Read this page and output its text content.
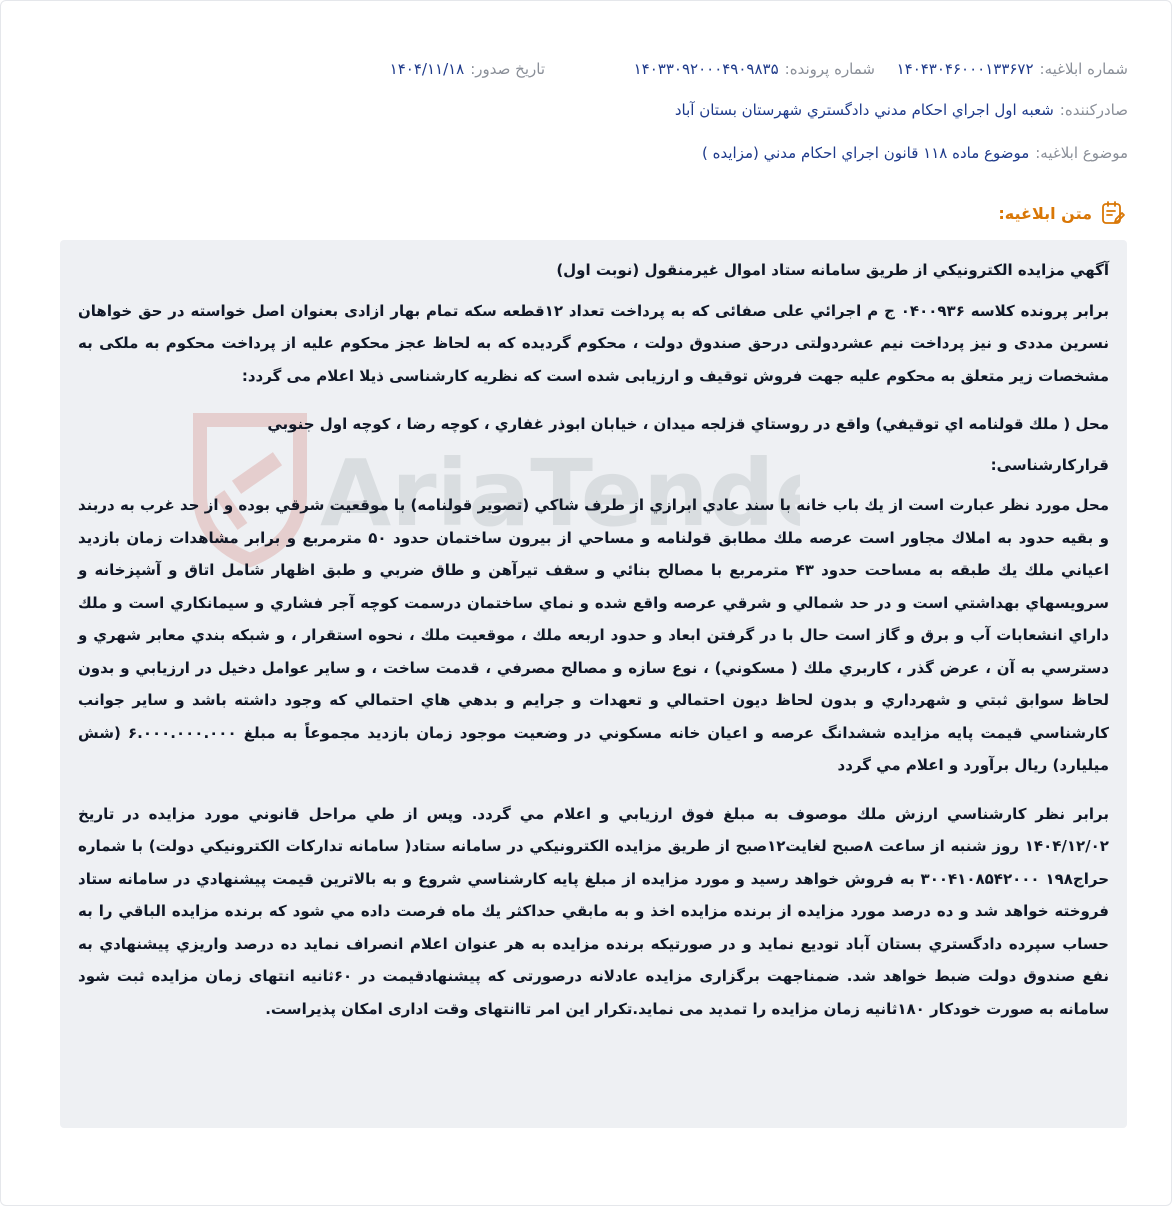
شماره ابلاغيه:
۱۴۰۴۳۰۴۶۰۰۰۱۳۳۶۷۲
شماره پرونده:
۱۴۰۳۳۰۹۲۰۰۰۴۹۰۹۸۳۵
تاريخ صدور:
۱۴۰۴/۱۱/۱۸
صادرکننده:
شعبه اول اجراي احکام مدني دادگستري شهرستان بستان آباد
موضوع ابلاغيه:
موضوع ماده ۱۱۸ قانون اجراي احکام مدني (مزايده )
متن ابلاغيه:
AriaTend

آگهي مزايده الكترونيكي از طريق سامانه ستاد اموال غيرمنقول (نوبت اول)

برابر پرونده كلاسه ۰۴۰۰۹۳۶ ج م اجرائي علی صفائی كه به پرداخت تعداد ۱۲قطعه سکه تمام بهار ازادی بعنوان اصل خواسته در حق خواهان نسرین مددی و نیز پرداخت نیم عشردولتی درحق صندوق دولت ، محكوم گرديده كه به لحاظ عجز محكوم عليه از پرداخت محكوم به ملكی به مشخصات زير متعلق به محكوم عليه جهت فروش توقيف و ارزيابی شده است كه نظريه كارشناسی ذيلا اعلام می گردد:

محل ( ملك قولنامه اي توقيفي) واقع در روستاي قزلجه ميدان ، خيابان ابوذر غفاري ، كوچه رضا ، كوچه اول جنوبي

قرارکارشناسی:

محل مورد نظر عبارت است از يك باب خانه با سند عادي ابرازي از طرف شاكي (تصوير قولنامه) با موقعيت شرقي بوده و از حد غرب به دربند و بقيه حدود به املاك مجاور است عرصه ملك مطابق قولنامه و مساحي از بيرون ساختمان حدود ۵۰ مترمربع و برابر مشاهدات زمان بازديد اعياني ملك يك طبقه به مساحت حدود ۴۳ مترمربع با مصالح بنائي و سقف تيرآهن و طاق ضربي و طبق اظهار شامل اتاق و آشپزخانه و سرويسهاي بهداشتي است و در حد شمالي و شرقي عرصه واقع شده و نماي ساختمان درسمت كوچه آجر فشاري و سيمانكاري است و ملك داراي انشعابات آب و برق و گاز است حال با در گرفتن ابعاد و حدود اربعه ملك ، موقعيت ملك ، نحوه استقرار ، و شبكه بندي معابر شهري و دسترسي به آن ، عرض گذر ، كاربري ملك ( مسكوني) ، نوع سازه و مصالح مصرفي ، قدمت ساخت ، و ساير عوامل دخيل در ارزيابي و بدون لحاظ سوابق ثبتي و شهرداري و بدون لحاظ ديون احتمالي و تعهدات و جرايم و بدهي هاي احتمالي كه وجود داشته باشد و ساير جوانب كارشناسي قيمت پايه مزايده ششدانگ عرصه و اعيان خانه مسكوني در وضعيت موجود زمان بازديد مجموعاً به مبلغ ۶.۰۰۰.۰۰۰.۰۰۰ (شش ميليارد) ريال برآورد و اعلام مي گردد

برابر نظر كارشناسي ارزش ملك موصوف به مبلغ فوق ارزيابي و اعلام مي گردد. وپس از طي مراحل قانوني مورد مزايده در تاريخ ۱۴۰۴/۱۲/۰۲ روز شنبه از ساعت ۸صبح لغايت۱۲صبح از طريق مزايده الكترونيكي در سامانه ستاد( سامانه تداركات الكترونيكي دولت) با شماره حراج۱۹۸ ۳۰۰۴۱۰۸۵۴۲۰۰۰ به فروش خواهد رسيد و مورد مزايده از مبلغ پايه كارشناسي شروع و به بالاترين قيمت پيشنهادي در سامانه ستاد فروخته خواهد شد و ده درصد مورد مزايده از برنده مزايده اخذ و به مابقي حداكثر يك ماه فرصت داده مي شود كه برنده مزايده الباقي را به حساب سپرده دادگستري بستان آباد توديع نمايد و در صورتيكه برنده مزايده به هر عنوان اعلام انصراف نمايد ده درصد واريزي پيشنهادي به نفع صندوق دولت ضبط خواهد شد. ضمناجهت برگزاری مزايده عادلانه درصورتی که پيشنهادقيمت در ۶۰ثانيه انتهای زمان مزايده ثبت شود سامانه به صورت خودکار ۱۸۰ثانيه زمان مزايده را تمديد می نمايد.تکرار اين امر تاانتهای وقت اداری امکان پذيراست.
